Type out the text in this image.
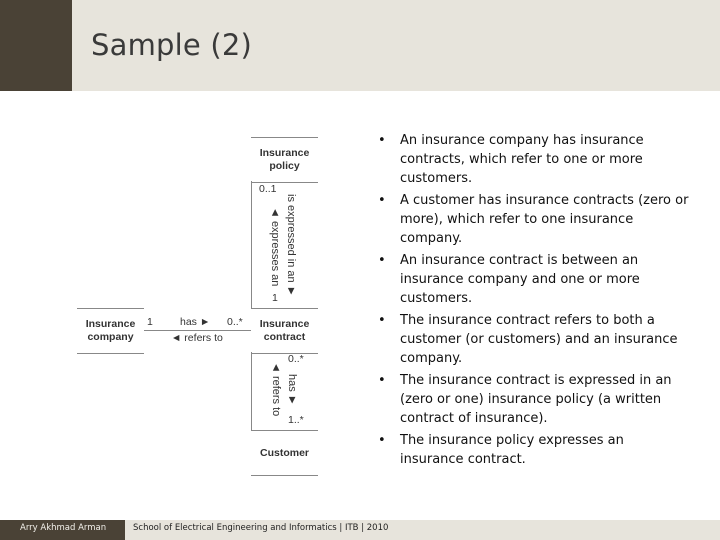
Sample (2)
Insurance policy
Insurance company
Insurance contract
Customer
0..1
1
1	0..*
0..*
1..*
has ►
◄ refers to
is expressed in an ►
◄ expresses an
has ►
◄ refers to
• An insurance company has insurance contracts, which refer to one or more customers.
• A customer has insurance contracts (zero or more), which refer to one insurance company.
• An insurance contract is between an insurance company and one or more customers.
• The insurance contract refers to both a customer (or customers) and an insurance company.
• The insurance contract is expressed in an (zero or one) insurance policy (a written contract of insurance).
• The insurance policy expresses an insurance contract.
Arry Akhmad Arman	School of Electrical Engineering and Informatics | ITB | 2010
